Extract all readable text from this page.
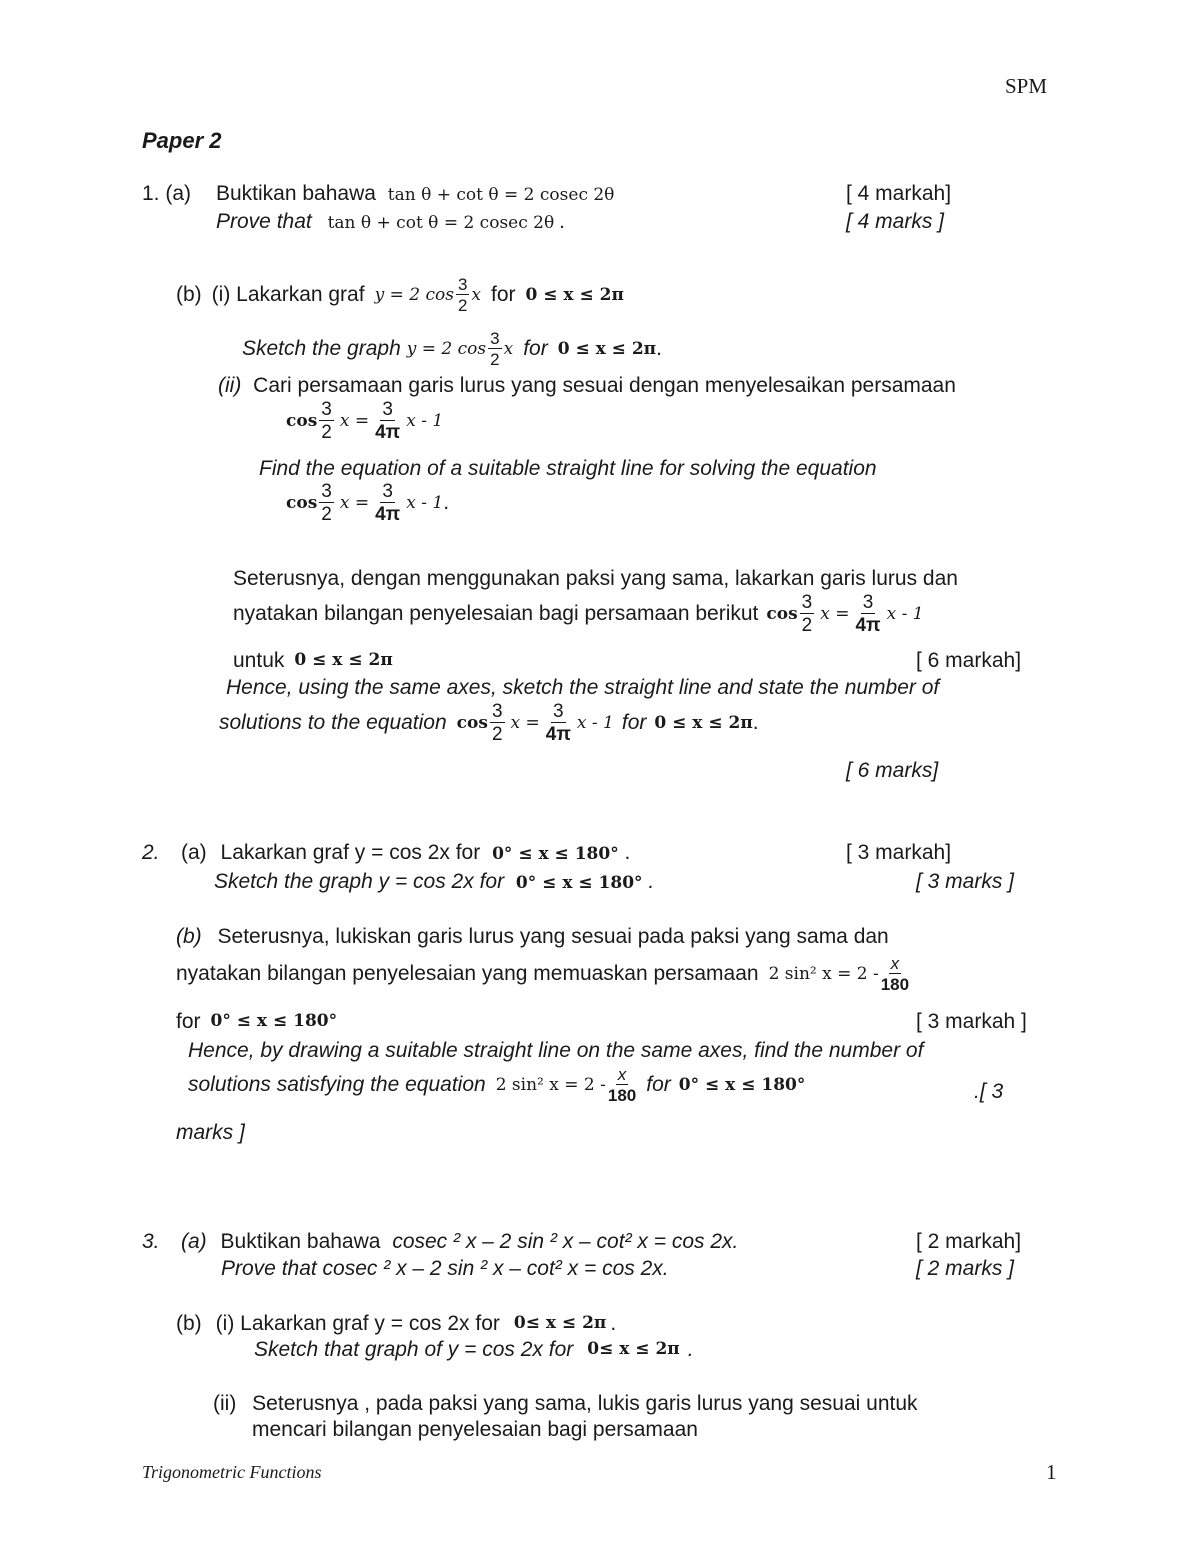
SPM
Paper 2
1. (a) Buktikan bahawa tan θ + cot θ = 2 cosec 2θ	[ 4 markah]
Prove that tan θ + cot θ = 2 cosec 2θ .	[ 4 marks ]
(b) (i) Lakarkan graf y = 2 $\cos \frac{3}{2}$ x for 0 ≤ x ≤ 2π
Sketch the graph y = 2 $\cos \frac{3}{2}$ x for 0 ≤ x ≤ 2π .
(ii) Cari persamaan garis lurus yang sesuai dengan menyelesaikan persamaan
$\cos \frac{3}{2}$ $x = \frac{3}{4\pi}$ x - 1
Find the equation of a suitable straight line for solving the equation
$\cos \frac{3}{2}$ $x = \frac{3}{4\pi}$ x - 1 .
Seterusnya, dengan menggunakan paksi yang sama, lakarkan garis lurus dan
nyatakan bilangan penyelesaian bagi persamaan berikut $\cos \frac{3}{2}$ $x = \frac{3}{4\pi}$ x - 1
untuk 0 ≤ x ≤ 2π	[ 6 markah]
Hence, using the same axes, sketch the straight line and state the number of
solutions to the equation $\cos \frac{3}{2}$ $x = \frac{3}{4\pi}$ x - 1 for 0 ≤ x ≤ 2π .
[ 6 marks]
2. (a) Lakarkan graf y = cos 2x for 0° ≤ x ≤ 180° .	[ 3 markah]
Sketch the graph y = cos 2x for 0° ≤ x ≤ 180° .	[ 3 marks ]
(b) Seterusnya, lukiskan garis lurus yang sesuai pada paksi yang sama dan
nyatakan bilangan penyelesaian yang memuaskan persamaan 2 sin² $x = 2 - \frac{x}{180}$
for 0° ≤ x ≤ 180°	[ 3 markah ]
Hence, by drawing a suitable straight line on the same axes, find the number of
solutions satisfying the equation 2 sin² $x = 2 - \frac{x}{180}$ for 0° ≤ x ≤ 180°	.[ 3
marks ]
3. (a) Buktikan bahawa cosec ² x – 2 sin ² x – cot² x = cos 2x.	[ 2 markah]
Prove that cosec ² x – 2 sin ² x – cot² x = cos 2x.	[ 2 marks ]
(b) (i) Lakarkan graf y = cos 2x for 0≤ x ≤ 2π .
Sketch that graph of y = cos 2x for 0≤ x ≤ 2π .
(ii) Seterusnya , pada paksi yang sama, lukis garis lurus yang sesuai untuk
mencari bilangan penyelesaian bagi persamaan
Trigonometric Functions	1
